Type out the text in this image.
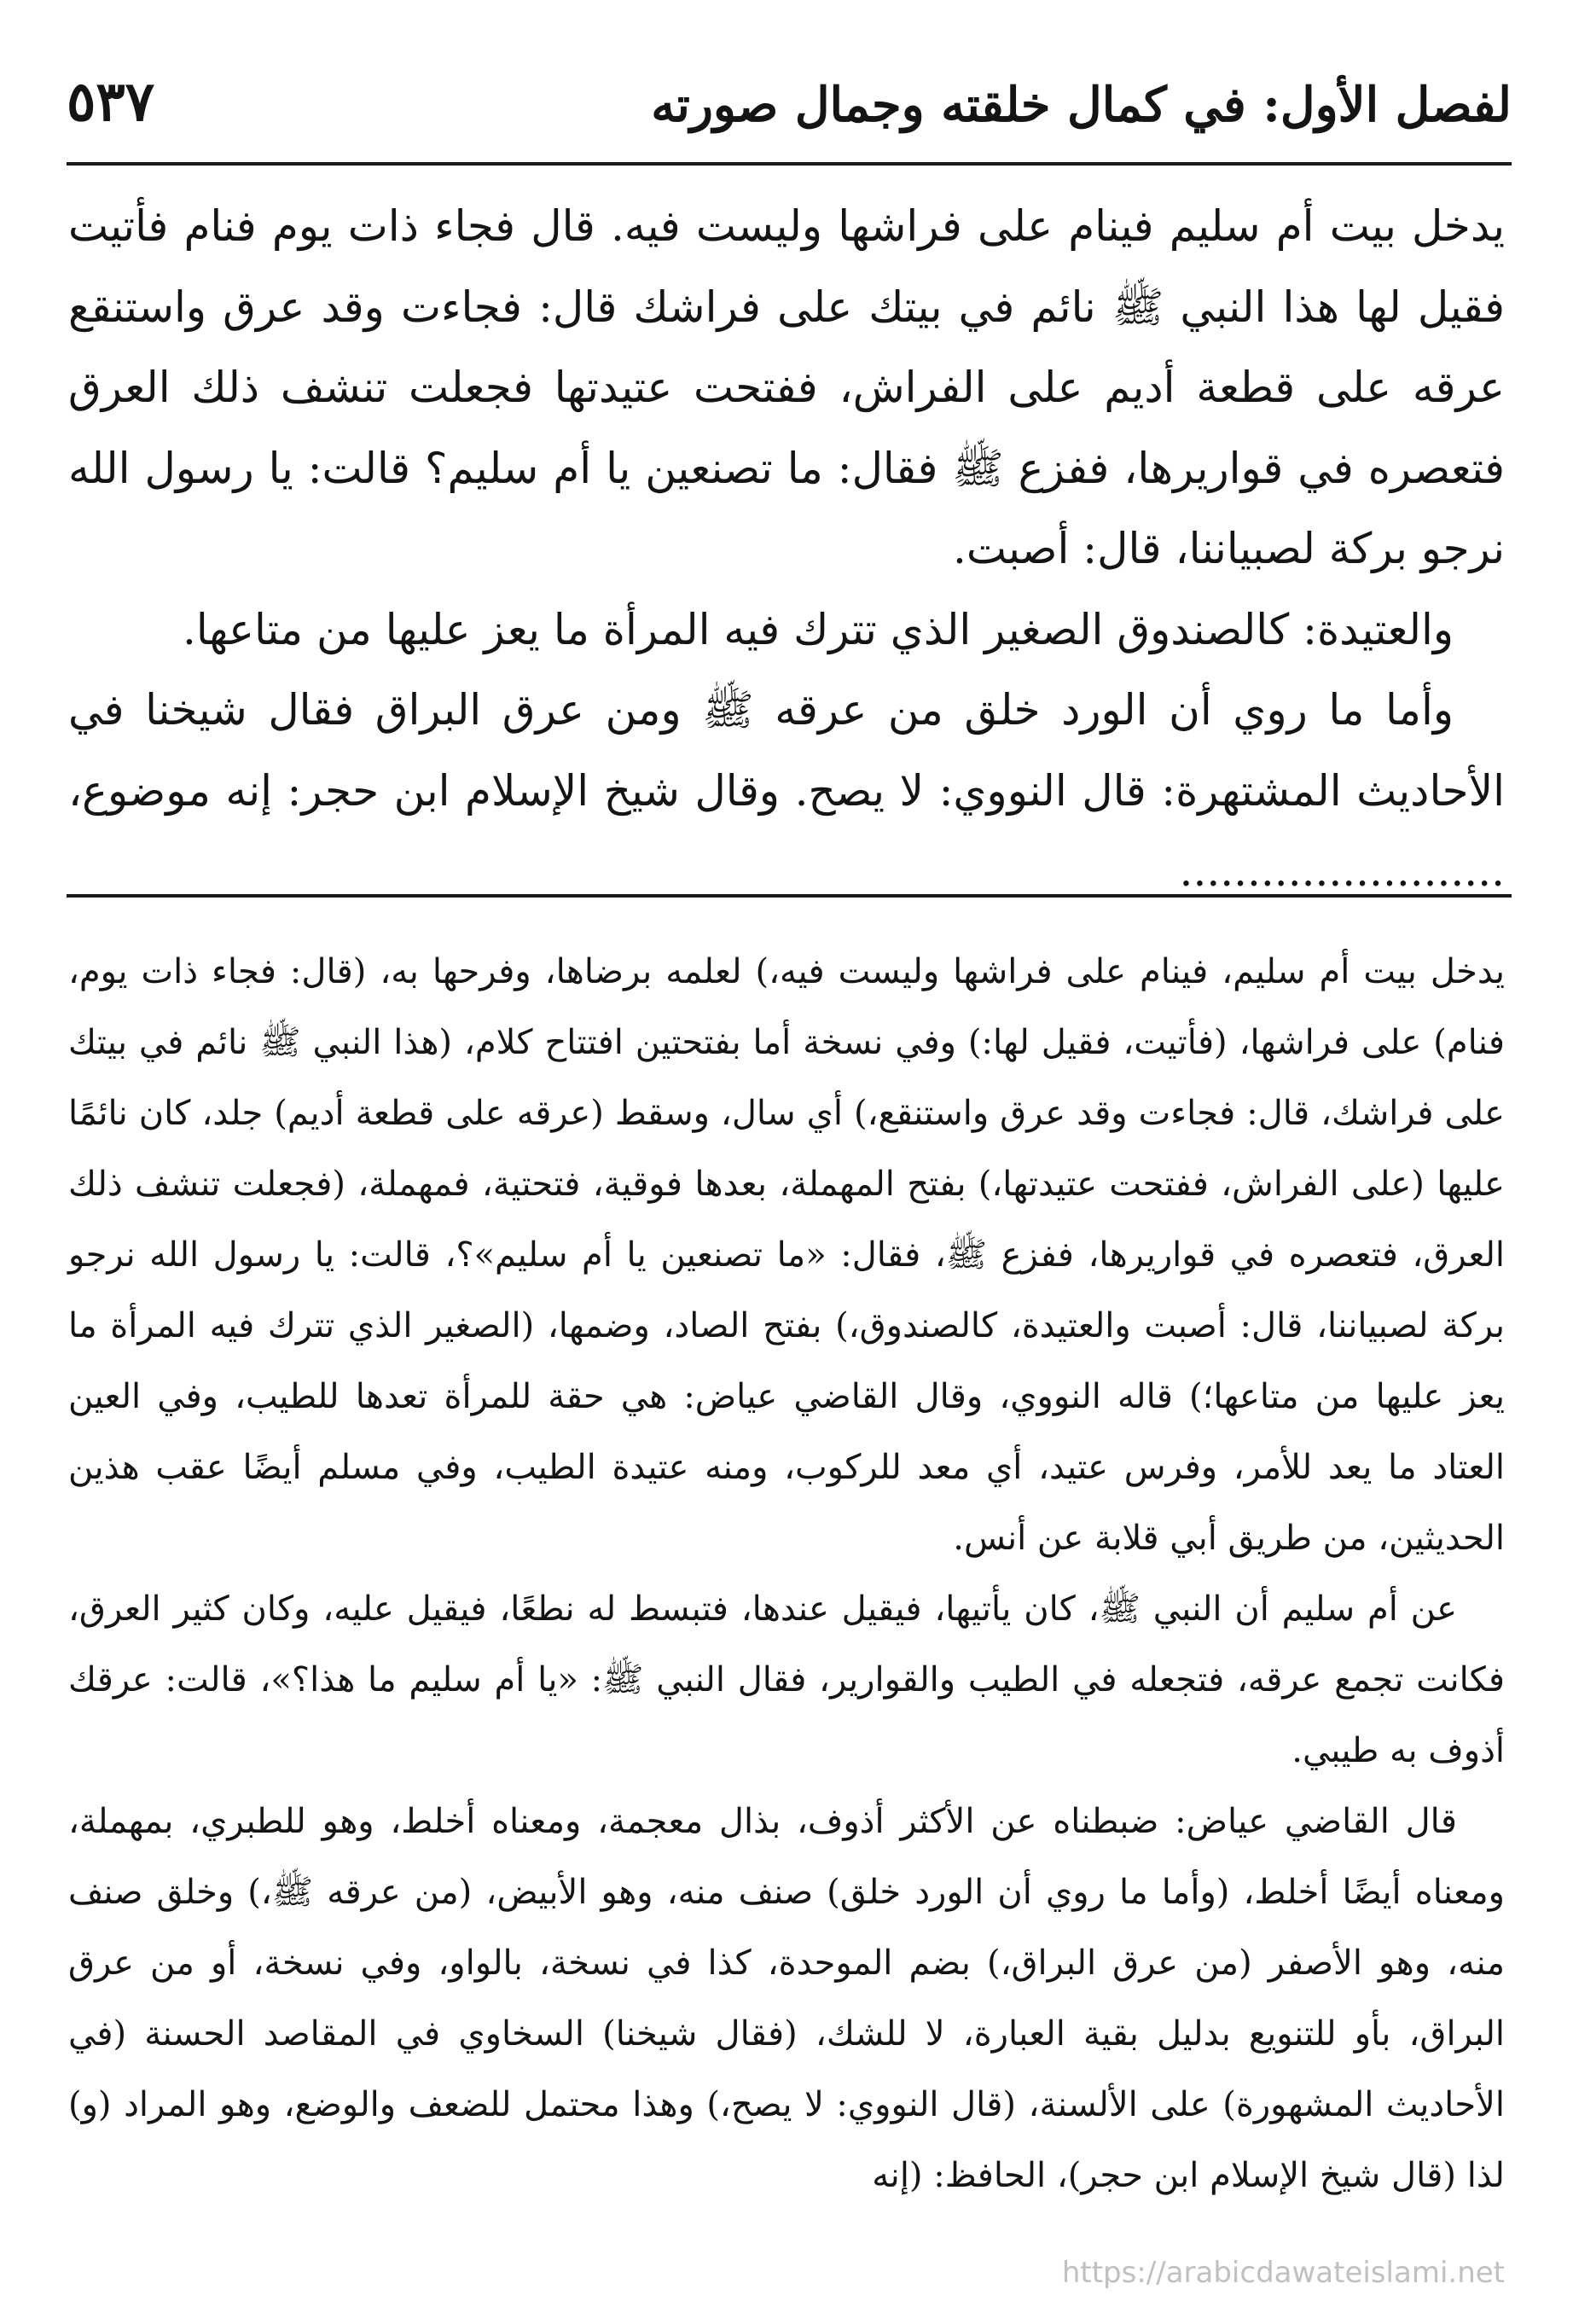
لفصل الأول: في كمال خلقته وجمال صورته
٥٣٧

يدخل بيت أم سليم فينام على فراشها وليست فيه. قال فجاء ذات يوم فنام فأتيت فقيل لها هذا النبي ﷺ نائم في بيتك على فراشك قال: فجاءت وقد عرق واستنقع عرقه على قطعة أديم على الفراش، ففتحت عتيدتها فجعلت تنشف ذلك العرق فتعصره في قواريرها، ففزع ﷺ فقال: ما تصنعين يا أم سليم؟ قالت: يا رسول الله نرجو بركة لصبياننا، قال: أصبت.

والعتيدة: كالصندوق الصغير الذي تترك فيه المرأة ما يعز عليها من متاعها.

وأما ما روي أن الورد خلق من عرقه ﷺ ومن عرق البراق فقال شيخنا في الأحاديث المشتهرة: قال النووي: لا يصح. وقال شيخ الإسلام ابن حجر: إنه موضوع، ........................

يدخل بيت أم سليم، فينام على فراشها وليست فيه،) لعلمه برضاها، وفرحها به، (قال: فجاء ذات يوم، فنام) على فراشها، (فأتيت، فقيل لها:) وفي نسخة أما بفتحتين افتتاح كلام، (هذا النبي ﷺ نائم في بيتك على فراشك، قال: فجاءت وقد عرق واستنقع،) أي سال، وسقط (عرقه على قطعة أديم) جلد، كان نائمًا عليها (على الفراش، ففتحت عتيدتها،) بفتح المهملة، بعدها فوقية، فتحتية، فمهملة، (فجعلت تنشف ذلك العرق، فتعصره في قواريرها، ففزع ﷺ، فقال: «ما تصنعين يا أم سليم»؟، قالت: يا رسول الله نرجو بركة لصبياننا، قال: أصبت والعتيدة، كالصندوق،) بفتح الصاد، وضمها، (الصغير الذي تترك فيه المرأة ما يعز عليها من متاعها؛) قاله النووي، وقال القاضي عياض: هي حقة للمرأة تعدها للطيب، وفي العين العتاد ما يعد للأمر، وفرس عتيد، أي معد للركوب، ومنه عتيدة الطيب، وفي مسلم أيضًا عقب هذين الحديثين، من طريق أبي قلابة عن أنس.

عن أم سليم أن النبي ﷺ، كان يأتيها، فيقيل عندها، فتبسط له نطعًا، فيقيل عليه، وكان كثير العرق، فكانت تجمع عرقه، فتجعله في الطيب والقوارير، فقال النبي ﷺ: «يا أم سليم ما هذا؟»، قالت: عرقك أذوف به طيبي.

قال القاضي عياض: ضبطناه عن الأكثر أذوف، بذال معجمة، ومعناه أخلط، وهو للطبري، بمهملة، ومعناه أيضًا أخلط، (وأما ما روي أن الورد خلق) صنف منه، وهو الأبيض، (من عرقه ﷺ،) وخلق صنف منه، وهو الأصفر (من عرق البراق،) بضم الموحدة، كذا في نسخة، بالواو، وفي نسخة، أو من عرق البراق، بأو للتنويع بدليل بقية العبارة، لا للشك، (فقال شيخنا) السخاوي في المقاصد الحسنة (في الأحاديث المشهورة) على الألسنة، (قال النووي: لا يصح،) وهذا محتمل للضعف والوضع، وهو المراد (و) لذا (قال شيخ الإسلام ابن حجر)، الحافظ: (إنه

https://arabicdawateislami.net
